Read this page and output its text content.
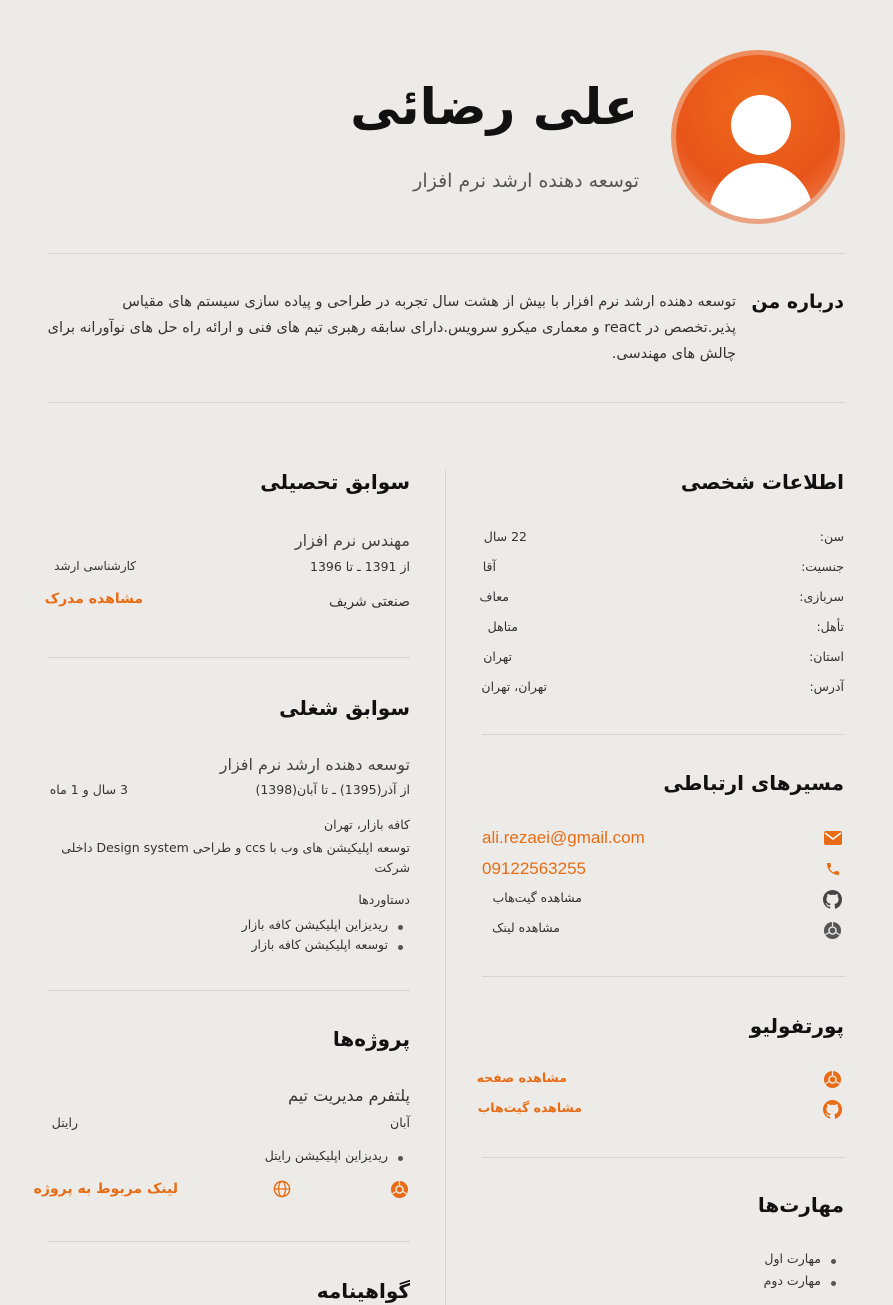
علی رضائی
توسعه دهنده ارشد نرم افزار
درباره من
توسعه دهنده ارشد نرم افزار با بیش از هشت سال تجربه در طراحی و پیاده سازی سیستم های مقیاس پذیر.تخصص در react و معماری میکرو سرویس.دارای سابقه رهبری تیم های فنی و ارائه راه حل های نوآورانه برای چالش های مهندسی.
اطلاعات شخصی
سن:
22 سال
جنسیت:
آقا
سربازی:
معاف
تأهل:
متاهل
استان:
تهران
آدرس:
تهران، تهران
مسیرهای ارتباطی
ali.rezaei@gmail.com
09122563255
مشاهده گیت‌هاب
مشاهده لینک
پورتفولیو
مشاهده صفحه
مشاهده گیت‌هاب
مهارت‌ها
مهارت اول
مهارت دوم
سوابق تحصیلی
مهندس نرم افزار
از 1391 ـ تا 1396
کارشناسی ارشد
صنعتی شریف
مشاهده مدرک
سوابق شغلی
توسعه دهنده ارشد نرم افزار
از آذر(1395) ـ تا آبان(1398)
3 سال و 1 ماه
کافه بازار، تهران
توسعه اپلیکیشن های وب با ccs و طراحی Design system داخلی
شرکت
دستاوردها
ریدیزاین اپلیکیشن کافه بازار
توسعه اپلیکیشن کافه بازار
پروژه‌ها
پلتفرم مدیریت تیم
آبان
رایتل
ریدیزاین اپلیکیشن رایتل
لینک مربوط به پروژه
گواهینامه
